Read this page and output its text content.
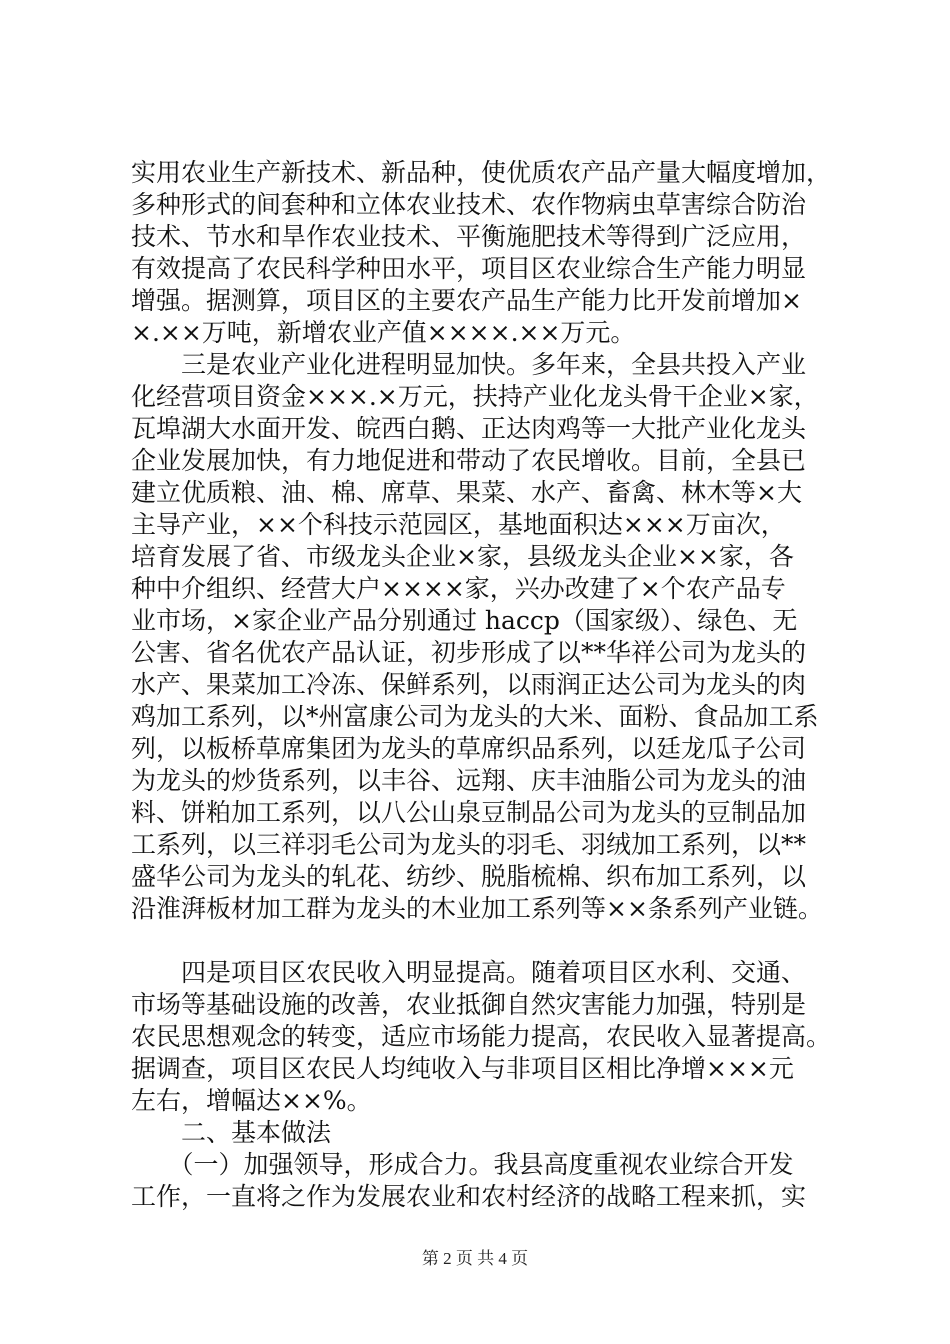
实用农业生产新技术、新品种，使优质农产品产量大幅度增加，
多种形式的间套种和立体农业技术、农作物病虫草害综合防治
技术、节水和旱作农业技术、平衡施肥技术等得到广泛应用，
有效提高了农民科学种田水平，项目区农业综合生产能力明显
增强。据测算，项目区的主要农产品生产能力比开发前增加×
×.××万吨，新增农业产值××××.××万元。
　　三是农业产业化进程明显加快。多年来，全县共投入产业
化经营项目资金×××.×万元，扶持产业化龙头骨干企业×家，
瓦埠湖大水面开发、皖西白鹅、正达肉鸡等一大批产业化龙头
企业发展加快，有力地促进和带动了农民增收。目前，全县已
建立优质粮、油、棉、席草、果菜、水产、畜禽、林木等×大
主导产业，××个科技示范园区，基地面积达×××万亩次，
培育发展了省、市级龙头企业×家，县级龙头企业××家，各
种中介组织、经营大户××××家，兴办改建了×个农产品专
业市场，×家企业产品分别通过 haccp（国家级）、绿色、无
公害、省名优农产品认证，初步形成了以**华祥公司为龙头的
水产、果菜加工冷冻、保鲜系列，以雨润正达公司为龙头的肉
鸡加工系列，以*州富康公司为龙头的大米、面粉、食品加工系
列，以板桥草席集团为龙头的草席织品系列，以廷龙瓜子公司
为龙头的炒货系列，以丰谷、远翔、庆丰油脂公司为龙头的油
料、饼粕加工系列，以八公山泉豆制品公司为龙头的豆制品加
工系列，以三祥羽毛公司为龙头的羽毛、羽绒加工系列，以**
盛华公司为龙头的轧花、纺纱、脱脂梳棉、织布加工系列，以
沿淮湃板材加工群为龙头的木业加工系列等××条系列产业链。
　　四是项目区农民收入明显提高。随着项目区水利、交通、
市场等基础设施的改善，农业抵御自然灾害能力加强，特别是
农民思想观念的转变，适应市场能力提高，农民收入显著提高。
据调查，项目区农民人均纯收入与非项目区相比净增×××元
左右，增幅达××%。
　　二、基本做法
　　（一）加强领导，形成合力。我县高度重视农业综合开发
工作，一直将之作为发展农业和农村经济的战略工程来抓，实
第 2 页 共 4 页
